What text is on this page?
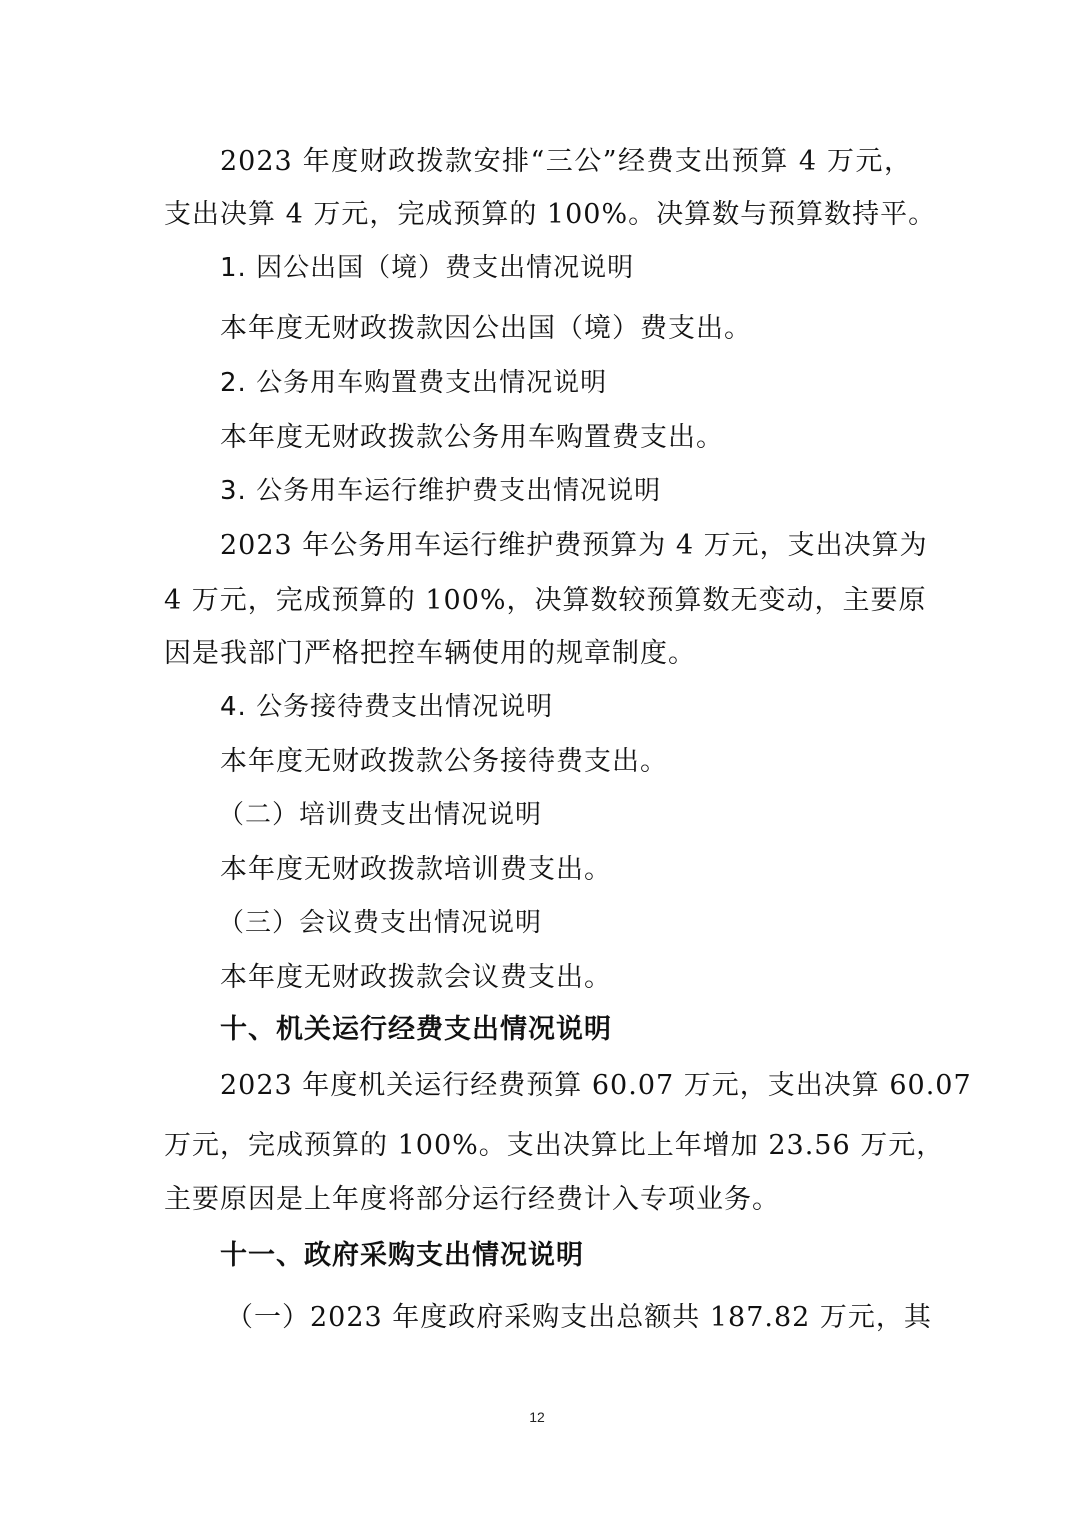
2023 年度财政拨款安排“三公”经费支出预算 4 万元，
支出决算 4 万元，完成预算的 100%。决算数与预算数持平。
1. 因公出国（境）费支出情况说明
本年度无财政拨款因公出国（境）费支出。
2. 公务用车购置费支出情况说明
本年度无财政拨款公务用车购置费支出。
3. 公务用车运行维护费支出情况说明
2023 年公务用车运行维护费预算为 4 万元，支出决算为
4 万元，完成预算的 100%，决算数较预算数无变动，主要原
因是我部门严格把控车辆使用的规章制度。
4. 公务接待费支出情况说明
本年度无财政拨款公务接待费支出。
（二）培训费支出情况说明
本年度无财政拨款培训费支出。
（三）会议费支出情况说明
本年度无财政拨款会议费支出。
十、机关运行经费支出情况说明
2023 年度机关运行经费预算 60.07 万元，支出决算 60.07
万元，完成预算的 100%。支出决算比上年增加 23.56 万元，
主要原因是上年度将部分运行经费计入专项业务。
十一、政府采购支出情况说明
（一）2023 年度政府采购支出总额共 187.82 万元，其
12
